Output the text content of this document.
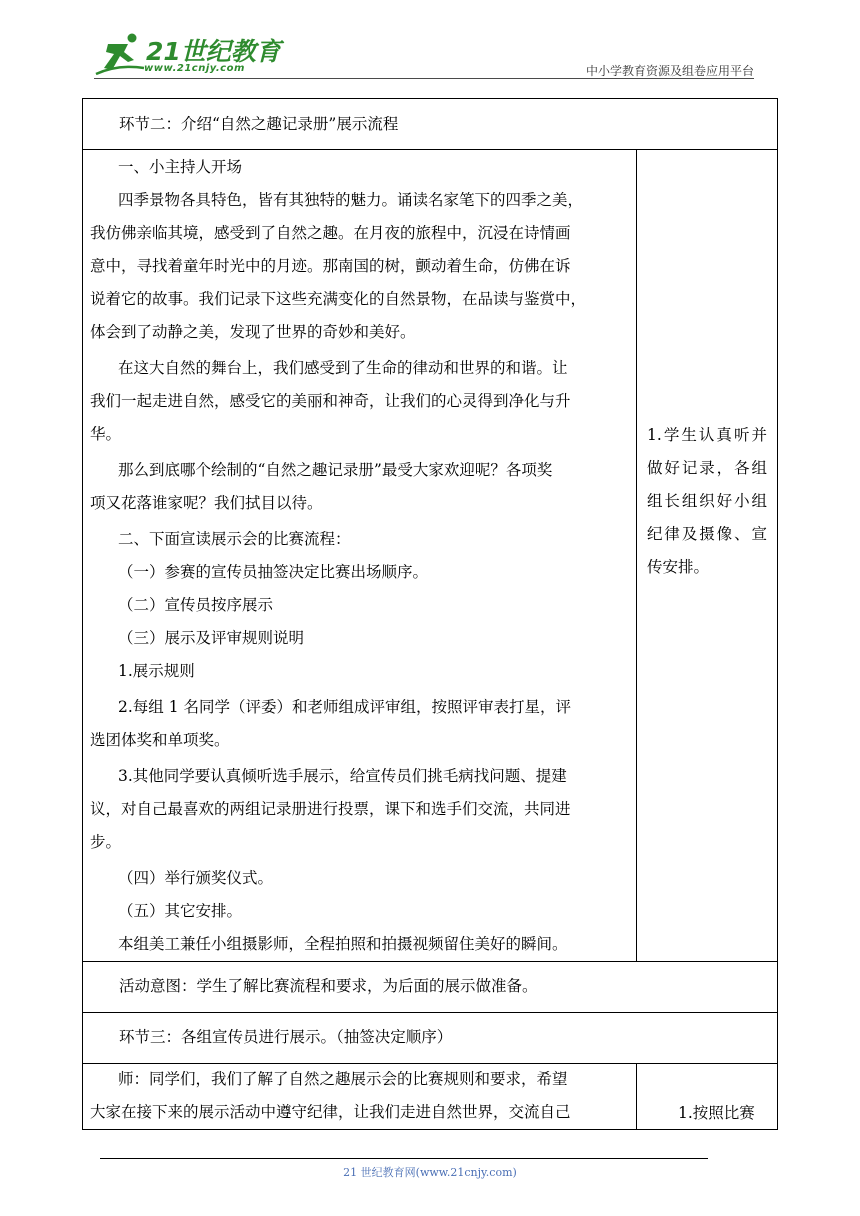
21世纪教育
www.21cnjy.com	中小学教育资源及组卷应用平台
环节二：介绍“自然之趣记录册”展示流程
一、小主持人开场
四季景物各具特色，皆有其独特的魅力。诵读名家笔下的四季之美，
我仿佛亲临其境，感受到了自然之趣。在月夜的旅程中，沉浸在诗情画
意中，寻找着童年时光中的月迹。那南国的树，颤动着生命，仿佛在诉
说着它的故事。我们记录下这些充满变化的自然景物，在品读与鉴赏中，
体会到了动静之美，发现了世界的奇妙和美好。
在这大自然的舞台上，我们感受到了生命的律动和世界的和谐。让
我们一起走进自然，感受它的美丽和神奇，让我们的心灵得到净化与升
华。
那么到底哪个绘制的“自然之趣记录册”最受大家欢迎呢？各项奖
项又花落谁家呢？我们拭目以待。
二、下面宣读展示会的比赛流程：
（一）参赛的宣传员抽签决定比赛出场顺序。
（二）宣传员按序展示
（三）展示及评审规则说明
1.展示规则
2.每组 1 名同学（评委）和老师组成评审组，按照评审表打星，评
选团体奖和单项奖。
3.其他同学要认真倾听选手展示，给宣传员们挑毛病找问题、提建
议，对自己最喜欢的两组记录册进行投票，课下和选手们交流，共同进
步。
（四）举行颁奖仪式。
（五）其它安排。
本组美工兼任小组摄影师，全程拍照和拍摄视频留住美好的瞬间。
1.学生认真听并做好记录，各组组长组织好小组纪律及摄像、宣传安排。
活动意图：学生了解比赛流程和要求，为后面的展示做准备。
环节三：各组宣传员进行展示。（抽签决定顺序）
师：同学们，我们了解了自然之趣展示会的比赛规则和要求，希望
大家在接下来的展示活动中遵守纪律，让我们走进自然世界，交流自己	1.按照比赛
21 世纪教育网(www.21cnjy.com)
